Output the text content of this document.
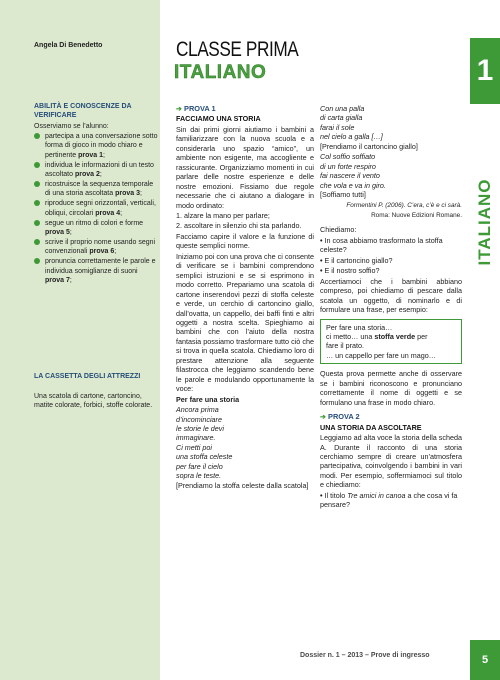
Angela Di Benedetto
ABILITÀ E CONOSCENZE DA VERIFICARE
Osserviamo se l’alunno:
partecipa a una conversazione sotto forma di gioco in modo chiaro e pertinente prova 1;
individua le informazioni di un testo ascoltato prova 2;
ricostruisce la sequenza temporale di una storia ascoltata prova 3;
riproduce segni orizzontali, verticali, obliqui, circolari prova 4;
segue un ritmo di colori e forme prova 5;
scrive il proprio nome usando segni convenzionali prova 6;
pronuncia correttamente le parole e individua somiglianze di suoni prova 7;
LA CASSETTA DEGLI ATTREZZI
Una scatola di cartone, cartoncino, matite colorate, forbici, stoffe colorate.
CLASSE PRIMA
ITALIANO	1
ITALIANO

➔ PROVA 1

FACCIAMO UNA STORIA

Sin dai primi giorni aiutiamo i bambini a familiarizzare con la nuova scuola e a considerarla uno spazio “amico”, un ambiente non esigente, ma accogliente e rassicurante. Organizziamo momenti in cui parlare delle nostre esperienze e delle nostre emozioni. Fissiamo due regole necessarie che ci aiutano a dialogare in modo ordinato:

1. alzare la mano per parlare;

2. ascoltare in silenzio chi sta parlando.

Facciamo capire il valore e la funzione di queste semplici norme.

Iniziamo poi con una prova che ci consente di verificare se i bambini comprendono semplici istruzioni e se si esprimono in modo corretto. Prepariamo una scatola di cartone inserendovi pezzi di stoffa celeste e verde, un cerchio di cartoncino giallo, dall’ovatta, un cappello, dei baffi finti e altri oggetti a nostra scelta. Spieghiamo ai bambini che con l’aiuto della nostra fantasia possiamo trasformare tutto ciò che si trova in quella scatola. Chiediamo loro di prestare attenzione alla seguente filastrocca che leggiamo scandendo bene le parole e modulando opportunamente la voce:

Per fare una storia

Ancora prima
d’incominciare
le storie le devi
immaginare.
Ci metti poi
una stoffa celeste
per fare il cielo
sopra le teste.

[Prendiamo la stoffa celeste dalla scatola]

Con una palla
di carta gialla
farai il sole
nel cielo a galla […]

[Prendiamo il cartoncino giallo]

Col soffio soffiato
di un forte respiro
fai nascere il vento
che vola e va in giro.

[Soffiamo tutti]

Formentini P. (2006). C’era, c’è e ci sarà.

Roma: Nuove Edizioni Romane.

Chiediamo:

• In cosa abbiamo trasformato la stoffa celeste?

• E il cartoncino giallo?

• E il nostro soffio?

Accertiamoci che i bambini abbiano compreso, poi chiediamo di pescare dalla scatola un oggetto, di nominarlo e di formulare una frase, per esempio:

Per fare una storia…
ci metto… una stoffa verde per
fare il prato.
… un cappello per fare un mago…

Questa prova permette anche di osservare se i bambini riconoscono e pronunciano correttamente il nome di oggetti e se formulano una frase in modo chiaro.

➔ PROVA 2

UNA STORIA DA ASCOLTARE

Leggiamo ad alta voce la storia della scheda A. Durante il racconto di una storia cerchiamo sempre di creare un’atmosfera partecipativa, coinvolgendo i bambini in vari modi. Per esempio, soffermiamoci sul titolo e chiediamo:

• Il titolo Tre amici in canoa a che cosa vi fa pensare?

Dossier n. 1 – 2013 – Prove di ingresso	5
